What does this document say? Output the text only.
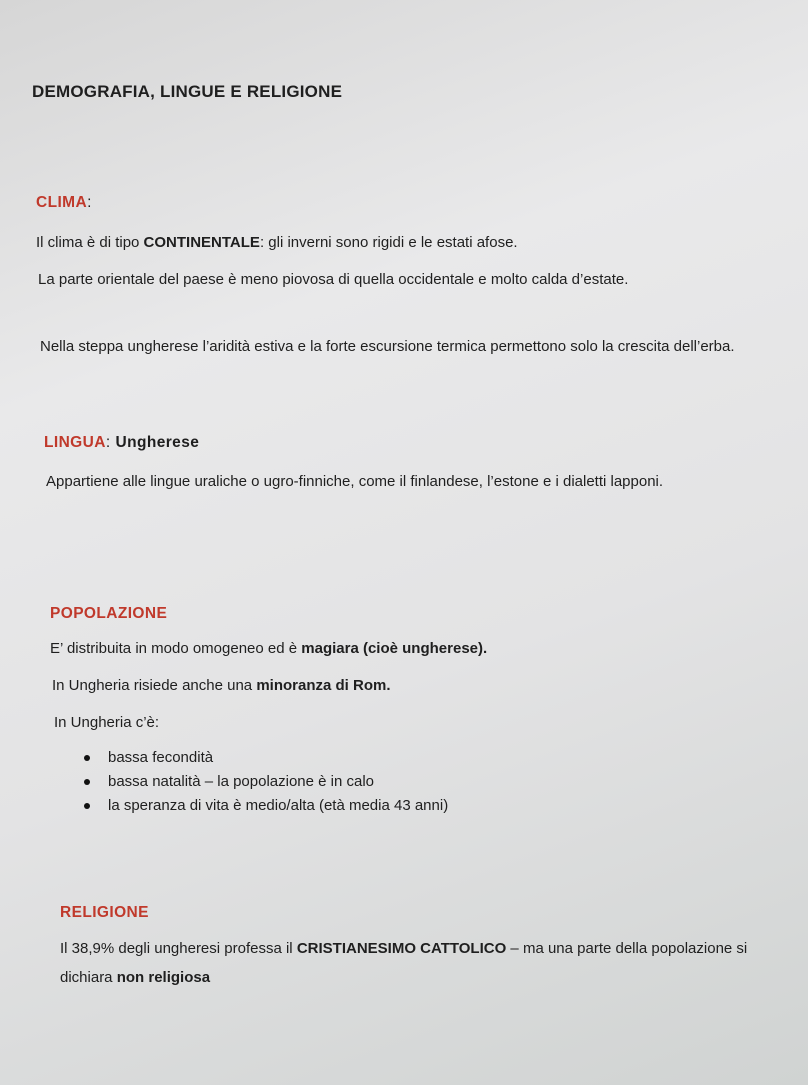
DEMOGRAFIA, LINGUE E RELIGIONE
CLIMA:

Il clima è di tipo CONTINENTALE: gli inverni sono rigidi e le estati afose.

La parte orientale del paese è meno piovosa di quella occidentale e molto calda d’estate.

Nella steppa ungherese l’aridità estiva e la forte escursione termica permettono solo la crescita dell’erba.

LINGUA: Ungherese

Appartiene alle lingue uraliche o ugro-finniche, come il finlandese, l’estone e i dialetti lapponi.

POPOLAZIONE

E’ distribuita in modo omogeneo ed è magiara (cioè ungherese).

In Ungheria risiede anche una minoranza di Rom.

In Ungheria c’è:

bassa fecondità
bassa natalità – la popolazione è in calo
la speranza di vita è medio/alta (età media 43 anni)
RELIGIONE

Il 38,9% degli ungheresi professa il CRISTIANESIMO CATTOLICO – ma una parte della popolazione si dichiara non religiosa
